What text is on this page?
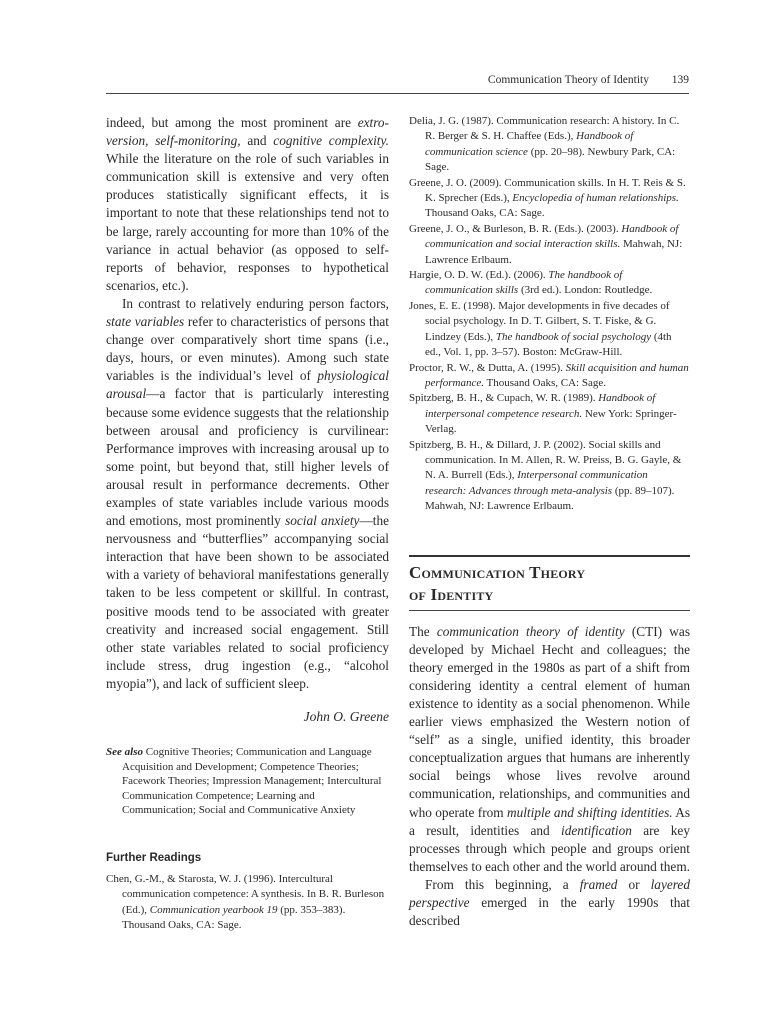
Communication Theory of Identity 139

indeed, but among the most prominent are extro-version, self-monitoring, and cognitive complexity. While the literature on the role of such variables in communication skill is extensive and very often produces statistically significant effects, it is important to note that these relationships tend not to be large, rarely accounting for more than 10% of the variance in actual behavior (as opposed to self-reports of behavior, responses to hypothetical scenarios, etc.).

In contrast to relatively enduring person factors, state variables refer to characteristics of persons that change over comparatively short time spans (i.e., days, hours, or even minutes). Among such state variables is the individual’s level of physiological arousal—a factor that is particularly interesting because some evidence suggests that the relationship between arousal and proficiency is curvilinear: Performance improves with increasing arousal up to some point, but beyond that, still higher levels of arousal result in performance decrements. Other examples of state variables include various moods and emotions, most prominently social anxiety—the nervousness and “butterflies” accompanying social interaction that have been shown to be associated with a variety of behavioral manifestations generally taken to be less competent or skillful. In contrast, positive moods tend to be associated with greater creativity and increased social engagement. Still other state variables related to social proficiency include stress, drug ingestion (e.g., “alcohol myopia”), and lack of sufficient sleep.

John O. Greene
See also Cognitive Theories; Communication and Language Acquisition and Development; Competence Theories; Facework Theories; Impression Management; Intercultural Communication Competence; Learning and Communication; Social and Communicative Anxiety
Further Readings

Chen, G.-M., & Starosta, W. J. (1996). Intercultural communication competence: A synthesis. In B. R. Burleson (Ed.), Communication yearbook 19 (pp. 353–383). Thousand Oaks, CA: Sage.

Delia, J. G. (1987). Communication research: A history. In C. R. Berger & S. H. Chaffee (Eds.), Handbook of communication science (pp. 20–98). Newbury Park, CA: Sage.

Greene, J. O. (2009). Communication skills. In H. T. Reis & S. K. Sprecher (Eds.), Encyclopedia of human relationships. Thousand Oaks, CA: Sage.

Greene, J. O., & Burleson, B. R. (Eds.). (2003). Handbook of communication and social interaction skills. Mahwah, NJ: Lawrence Erlbaum.

Hargie, O. D. W. (Ed.). (2006). The handbook of communication skills (3rd ed.). London: Routledge.

Jones, E. E. (1998). Major developments in five decades of social psychology. In D. T. Gilbert, S. T. Fiske, & G. Lindzey (Eds.), The handbook of social psychology (4th ed., Vol. 1, pp. 3–57). Boston: McGraw-Hill.

Proctor, R. W., & Dutta, A. (1995). Skill acquisition and human performance. Thousand Oaks, CA: Sage.

Spitzberg, B. H., & Cupach, W. R. (1989). Handbook of interpersonal competence research. New York: Springer-Verlag.

Spitzberg, B. H., & Dillard, J. P. (2002). Social skills and communication. In M. Allen, R. W. Preiss, B. G. Gayle, & N. A. Burrell (Eds.), Interpersonal communication research: Advances through meta-analysis (pp. 89–107). Mahwah, NJ: Lawrence Erlbaum.

Communication Theory
of Identity

The communication theory of identity (CTI) was developed by Michael Hecht and colleagues; the theory emerged in the 1980s as part of a shift from considering identity a central element of human existence to identity as a social phenomenon. While earlier views emphasized the Western notion of “self” as a single, unified identity, this broader conceptualization argues that humans are inherently social beings whose lives revolve around communication, relationships, and communities and who operate from multiple and shifting identities. As a result, identities and identification are key processes through which people and groups orient themselves to each other and the world around them.

From this beginning, a framed or layered perspective emerged in the early 1990s that described
